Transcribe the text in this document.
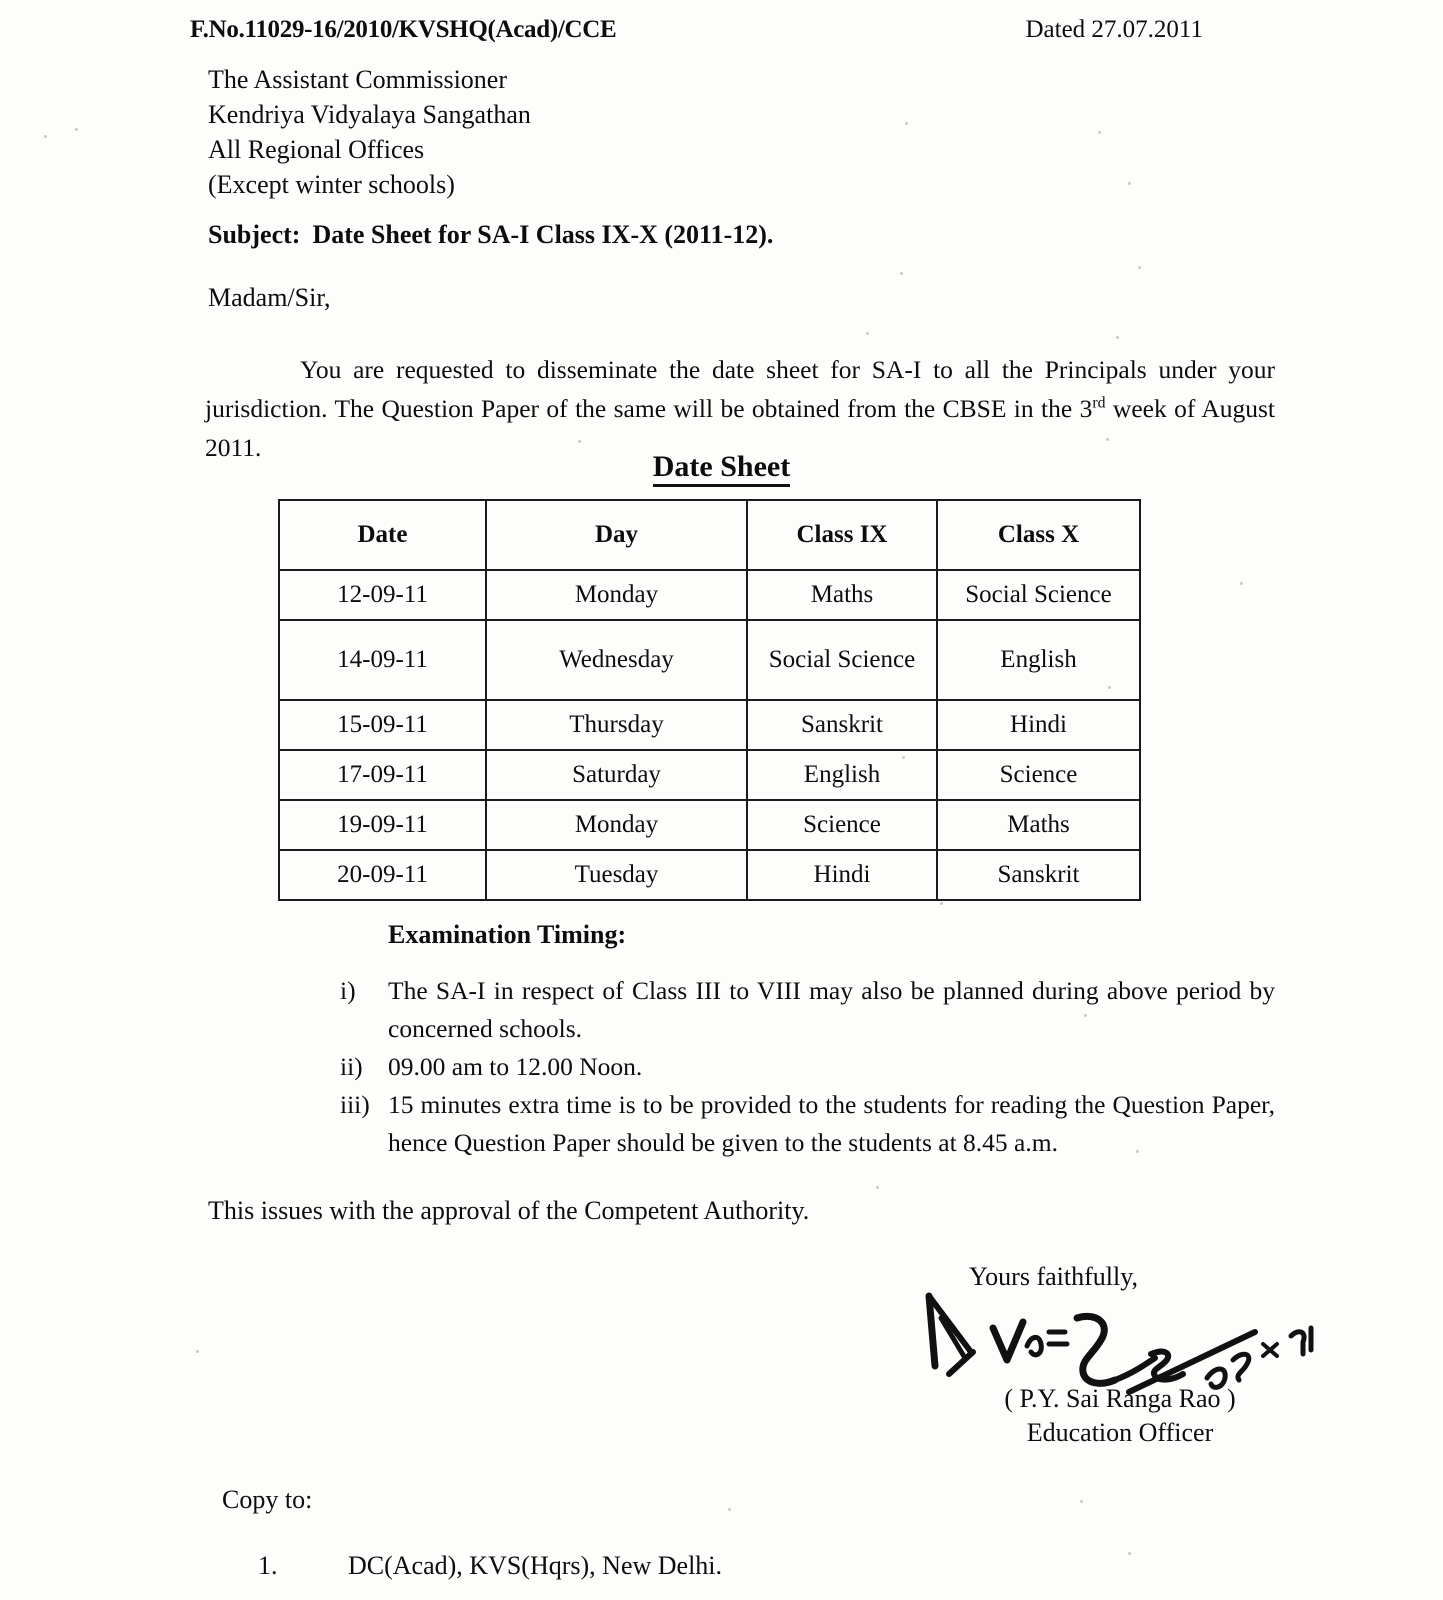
F.No.11029-16/2010/KVSHQ(Acad)/CCE	Dated 27.07.2011
The Assistant Commissioner
Kendriya Vidyalaya Sangathan
All Regional Offices
(Except winter schools)
Subject: Date Sheet for SA-I Class IX-X (2011-12).
Madam/Sir,
You are requested to disseminate the date sheet for SA-I to all the Principals under your jurisdiction. The Question Paper of the same will be obtained from the CBSE in the 3rd week of August 2011.
Date Sheet
Date	Day	Class IX	Class X
12-09-11	Monday	Maths	Social Science
14-09-11	Wednesday	Social Science	English
15-09-11	Thursday	Sanskrit	Hindi
17-09-11	Saturday	English	Science
19-09-11	Monday	Science	Maths
20-09-11	Tuesday	Hindi	Sanskrit
Examination Timing:
i)	The SA-I in respect of Class III to VIII may also be planned during above period by concerned schools.
ii) 09.00 am to 12.00 Noon.
iii) 15 minutes extra time is to be provided to the students for reading the Question Paper, hence Question Paper should be given to the students at 8.45 a.m.
This issues with the approval of the Competent Authority.
Yours faithfully,
( P.Y. Sai Ranga Rao )
Education Officer
Copy to:
1.	DC(Acad), KVS(Hqrs), New Delhi.
